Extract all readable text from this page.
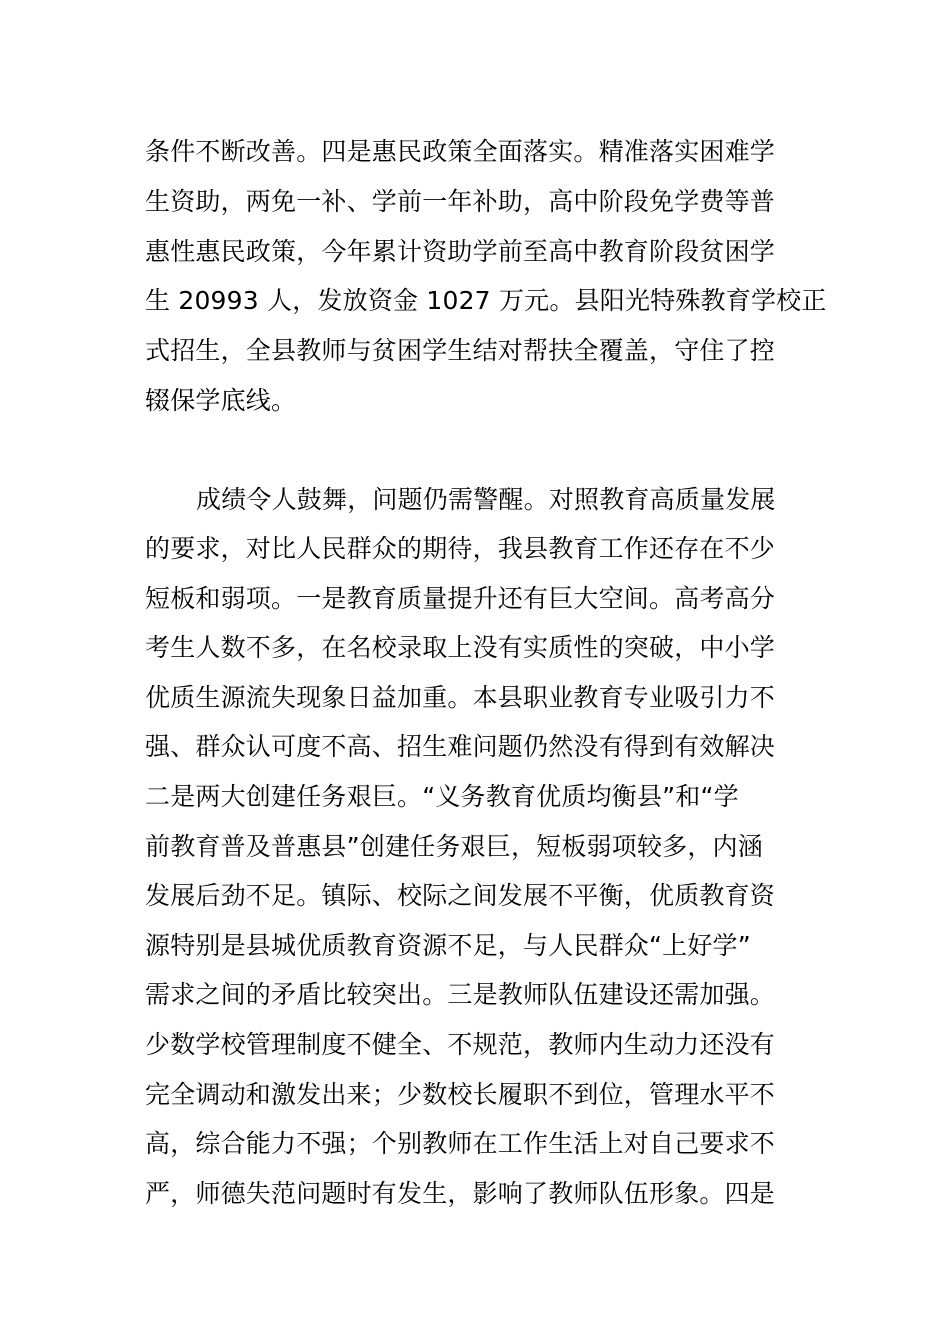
条件不断改善。四是惠民政策全面落实。精准落实困难学
生资助，两免一补、学前一年补助，高中阶段免学费等普
惠性惠民政策，今年累计资助学前至高中教育阶段贫困学
生 20993 人，发放资金 1027 万元。县阳光特殊教育学校正
式招生，全县教师与贫困学生结对帮扶全覆盖，守住了控
辍保学底线。
成绩令人鼓舞，问题仍需警醒。对照教育高质量发展
的要求，对比人民群众的期待，我县教育工作还存在不少
短板和弱项。一是教育质量提升还有巨大空间。高考高分
考生人数不多，在名校录取上没有实质性的突破，中小学
优质生源流失现象日益加重。本县职业教育专业吸引力不
强、群众认可度不高、招生难问题仍然没有得到有效解决
二是两大创建任务艰巨。“义务教育优质均衡县”和“学
前教育普及普惠县”创建任务艰巨，短板弱项较多，内涵
发展后劲不足。镇际、校际之间发展不平衡，优质教育资
源特别是县城优质教育资源不足，与人民群众“上好学”
需求之间的矛盾比较突出。三是教师队伍建设还需加强。
少数学校管理制度不健全、不规范，教师内生动力还没有
完全调动和激发出来；少数校长履职不到位，管理水平不
高，综合能力不强；个别教师在工作生活上对自己要求不
严，师德失范问题时有发生，影响了教师队伍形象。四是
